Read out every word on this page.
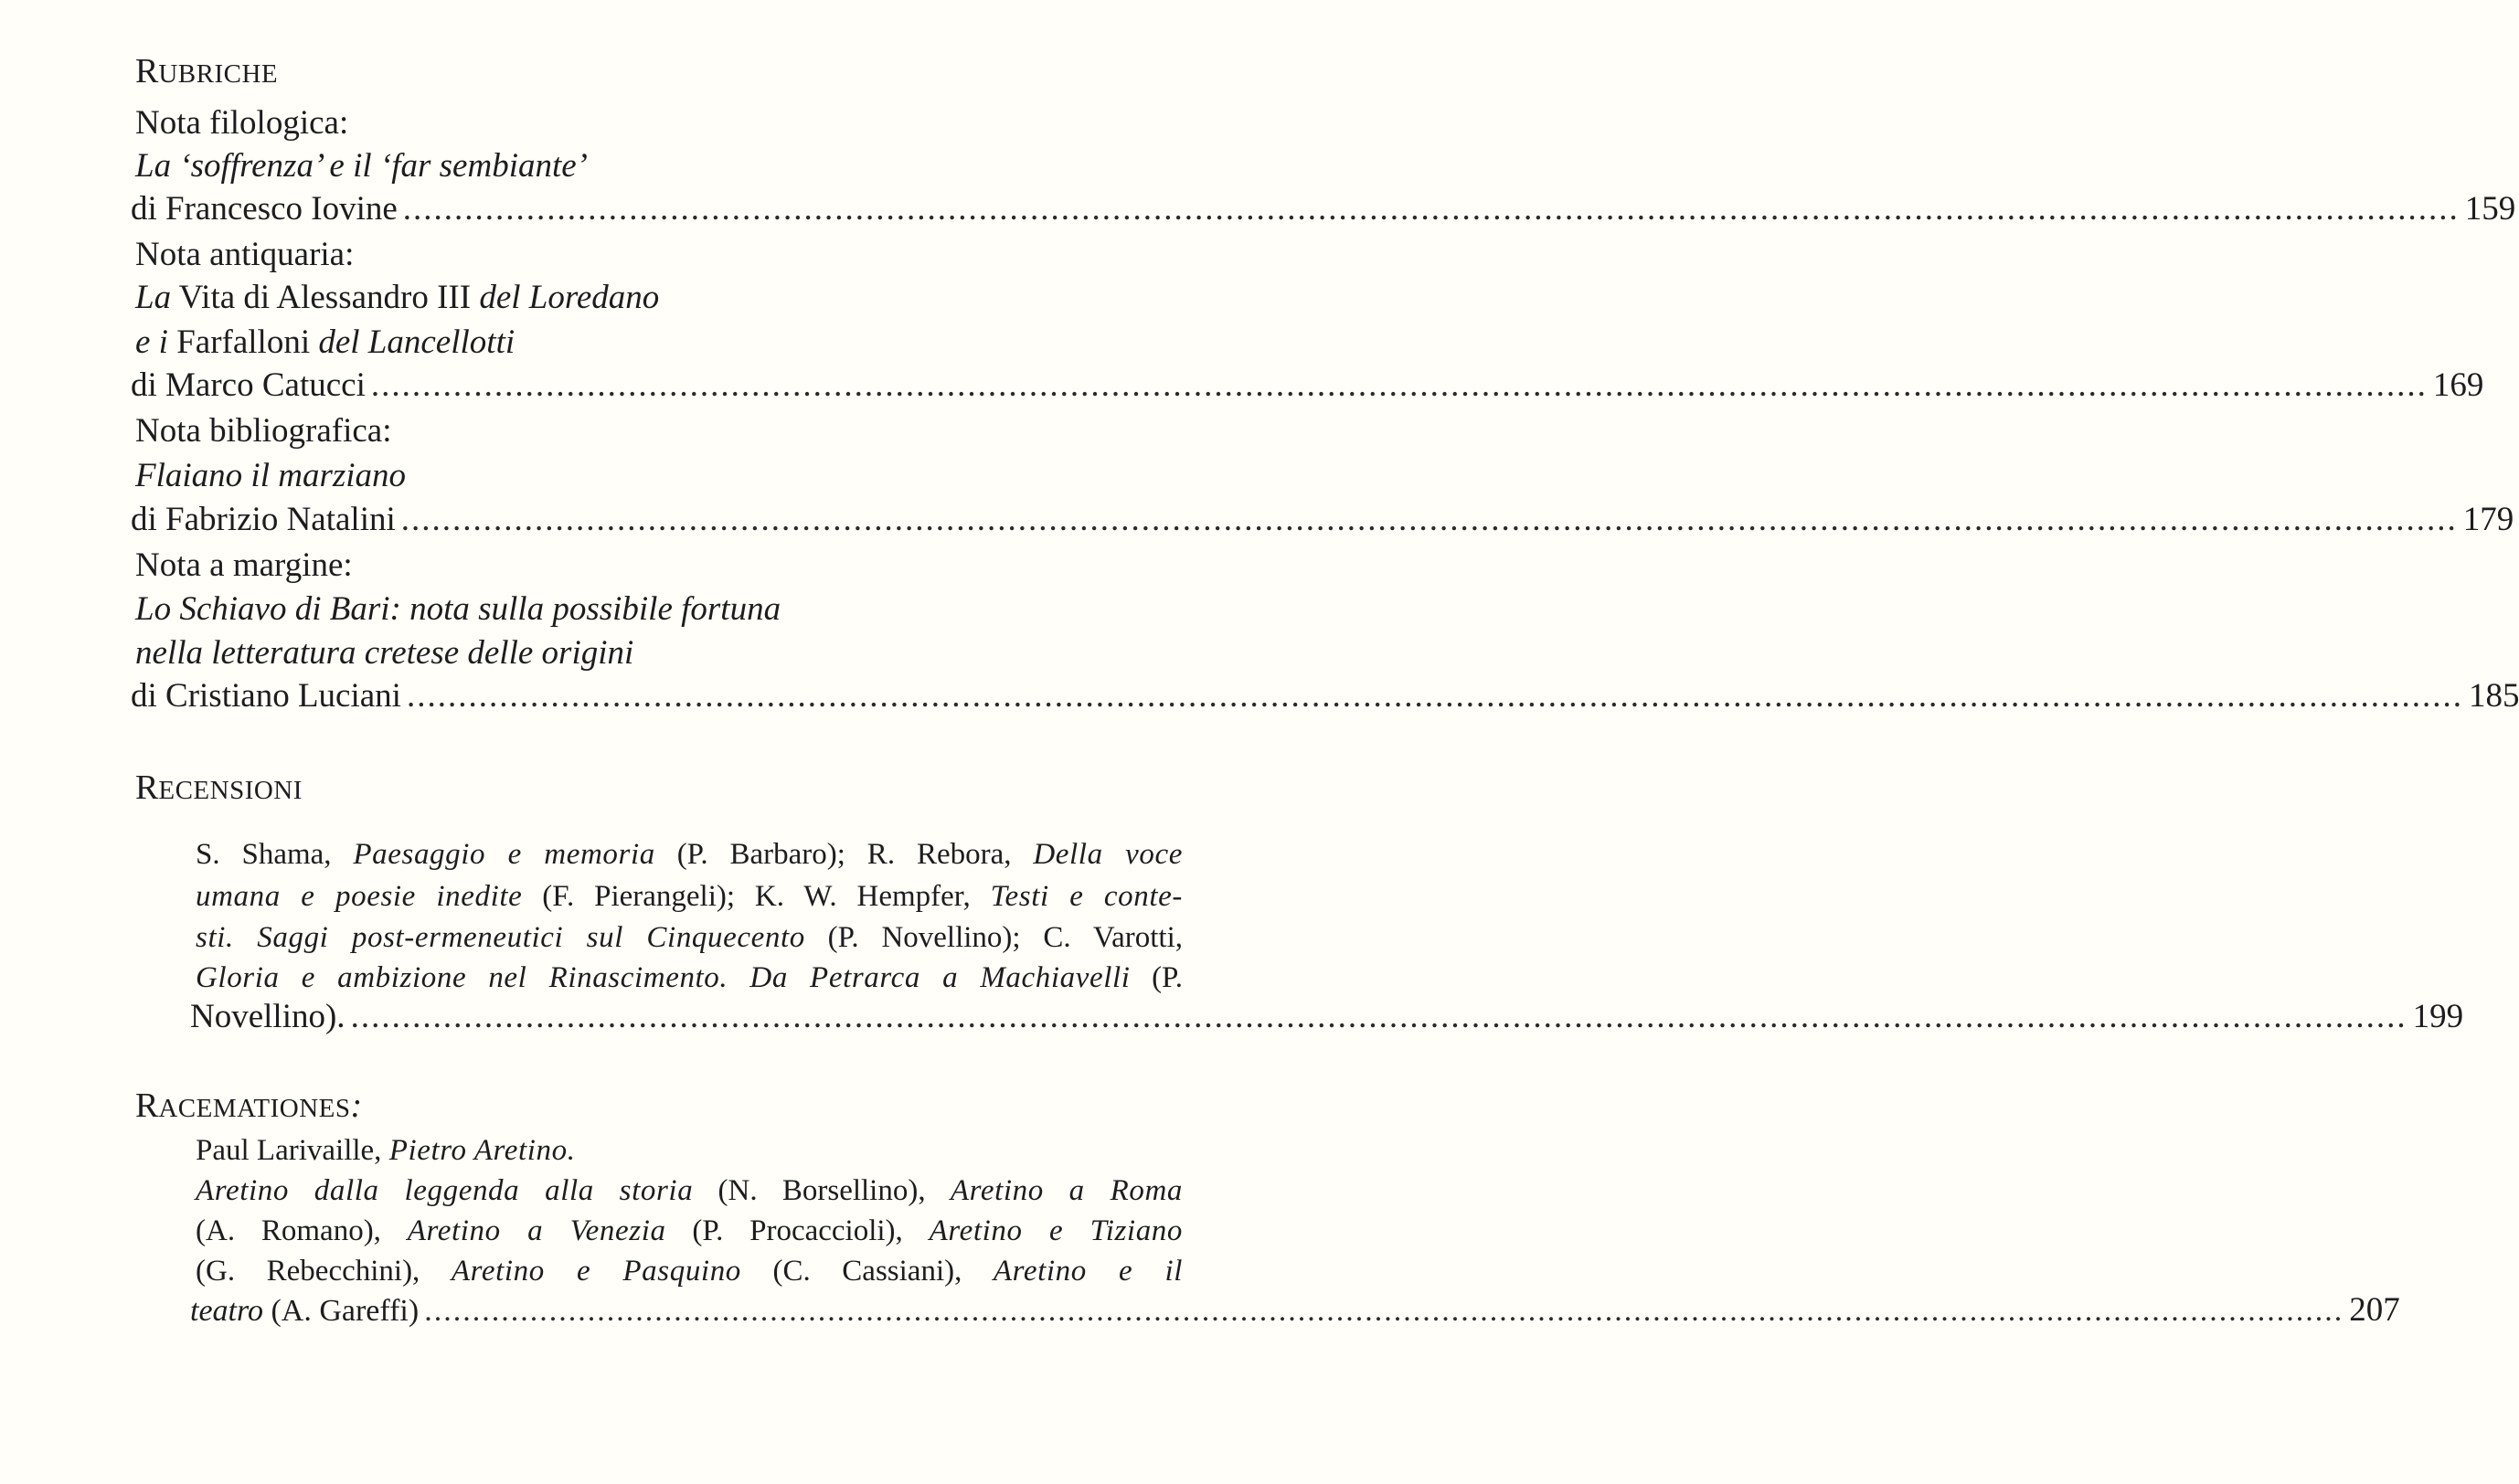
RUBRICHE
Nota filologica:
La ‘soffrenza’ e il ‘far sembiante’
di Francesco Iovine ........................................................................................................................................................................................................ 159
Nota antiquaria:
La Vita di Alessandro III del Loredano
e i Farfalloni del Lancellotti
di Marco Catucci ........................................................................................................................................................................................................ 169
Nota bibliografica:
Flaiano il marziano
di Fabrizio Natalini ........................................................................................................................................................................................................ 179
Nota a margine:
Lo Schiavo di Bari: nota sulla possibile fortuna
nella letteratura cretese delle origini
di Cristiano Luciani ........................................................................................................................................................................................................ 185
RECENSIONI
S. Shama, Paesaggio e memoria (P. Barbaro); R. Rebora, Della voce
umana e poesie inedite (F. Pierangeli); K. W. Hempfer, Testi e conte-
sti. Saggi post-ermeneutici sul Cinquecento (P. Novellino); C. Varotti,
Gloria e ambizione nel Rinascimento. Da Petrarca a Machiavelli (P.
Novellino). ........................................................................................................................................................................................................ 199
RACEMATIONES:
Paul Larivaille, Pietro Aretino.
Aretino dalla leggenda alla storia (N. Borsellino), Aretino a Roma
(A. Romano), Aretino a Venezia (P. Procaccioli), Aretino e Tiziano
(G. Rebecchini), Aretino e Pasquino (C. Cassiani), Aretino e il
teatro (A. Gareffi) ........................................................................................................................................................................................................ 207
